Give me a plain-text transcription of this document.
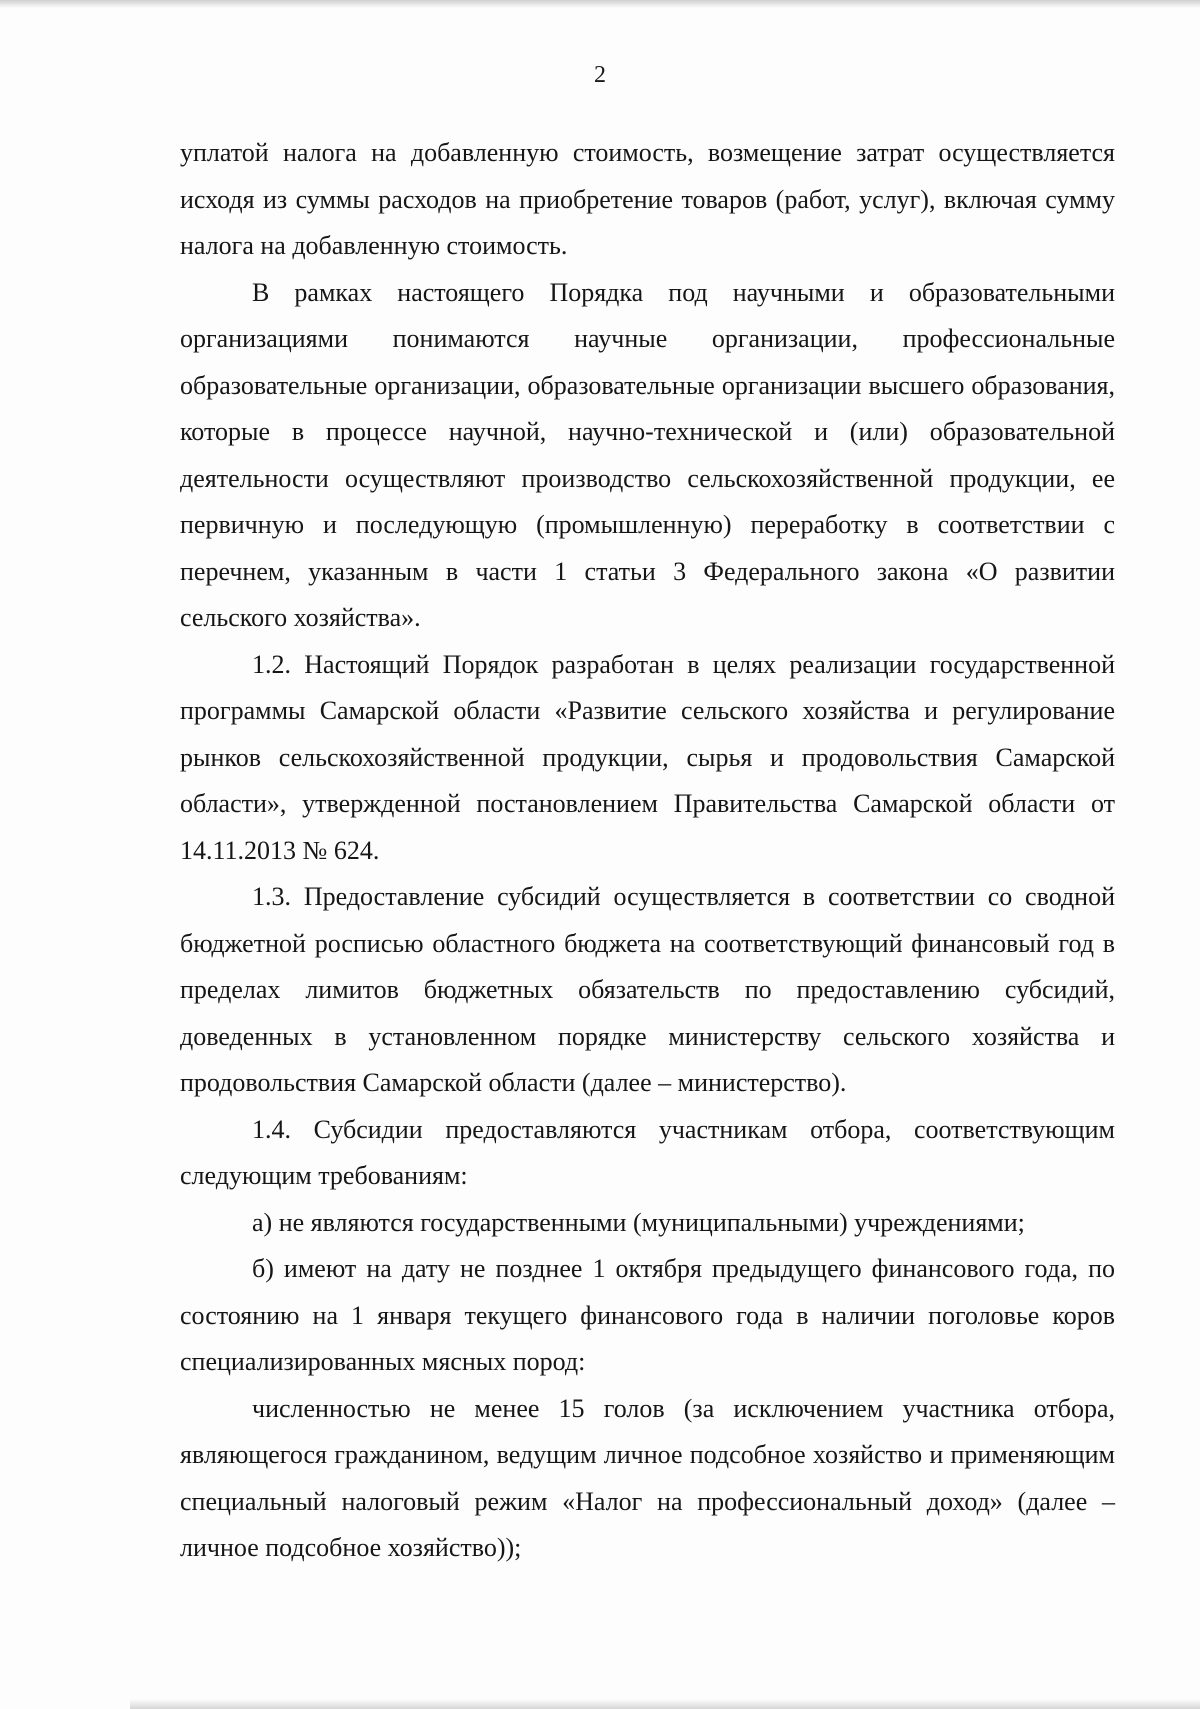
2

уплатой налога на добавленную стоимость, возмещение затрат осуществляется исходя из суммы расходов на приобретение товаров (работ, услуг), включая сумму налога на добавленную стоимость.

В рамках настоящего Порядка под научными и образовательными организациями понимаются научные организации, профессиональные образовательные организации, образовательные организации высшего образования, которые в процессе научной, научно-технической и (или) образовательной деятельности осуществляют производство сельскохозяйственной продукции, ее первичную и последующую (промышленную) переработку в соответствии с перечнем, указанным в части 1 статьи 3 Федерального закона «О развитии сельского хозяйства».

1.2. Настоящий Порядок разработан в целях реализации государственной программы Самарской области «Развитие сельского хозяйства и регулирование рынков сельскохозяйственной продукции, сырья и продовольствия Самарской области», утвержденной постановлением Правительства Самарской области от 14.11.2013 № 624.

1.3. Предоставление субсидий осуществляется в соответствии со сводной бюджетной росписью областного бюджета на соответствующий финансовый год в пределах лимитов бюджетных обязательств по предоставлению субсидий, доведенных в установленном порядке министерству сельского хозяйства и продовольствия Самарской области (далее – министерство).

1.4. Субсидии предоставляются участникам отбора, соответствующим следующим требованиям:

а) не являются государственными (муниципальными) учреждениями;

б) имеют на дату не позднее 1 октября предыдущего финансового года, по состоянию на 1 января текущего финансового года в наличии поголовье коров специализированных мясных пород:

численностью не менее 15 голов (за исключением участника отбора, являющегося гражданином, ведущим личное подсобное хозяйство и применяющим специальный налоговый режим «Налог на профессиональный доход» (далее – личное подсобное хозяйство));
